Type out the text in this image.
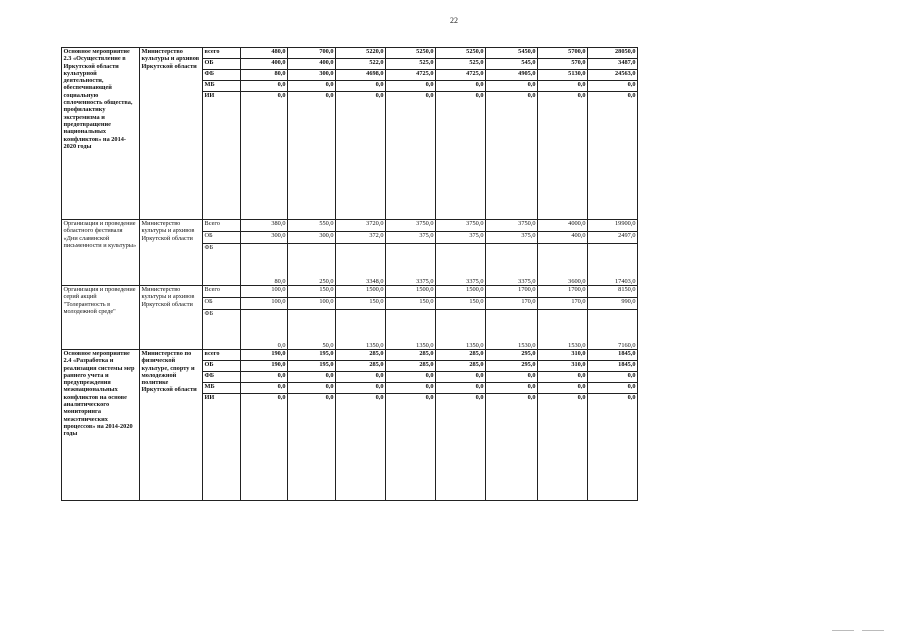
22
Основное мероприятие 2.3 «Осуществление в Иркутской области культурной деятельности, обеспечивающей социальную сплоченность общества, профилактику экстремизма и предотвращение национальных конфликтов» на 2014-2020 годы	Министерство культуры и архивов Иркутской области	всего	480,0	700,0	5220,0	5250,0	5250,0	5450,0	5700,0	28050,0
		ОБ	400,0	400,0	522,0	525,0	525,0	545,0	570,0	3487,0
		ФБ	80,0	300,0	4698,0	4725,0	4725,0	4905,0	5130,0	24563,0
		МБ	0,0	0,0	0,0	0,0	0,0	0,0	0,0	0,0
		ИИ	0,0	0,0	0,0	0,0	0,0	0,0	0,0	0,0
Организация и проведение областного фестиваля «Дни славянской письменности и культуры»	Министерство культуры и архивов Иркутской области	Всего	380,0	550,0	3720,0	3750,0	3750,0	3750,0	4000,0	19900,0
		ОБ	300,0	300,0	372,0	375,0	375,0	375,0	400,0	2497,0
		ФБ	80,0	250,0	3348,0	3375,0	3375,0	3375,0	3600,0	17403,0
Организация и проведение серий акций "Толерантность в молодежной среде"	Министерство культуры и архивов Иркутской области	Всего	100,0	150,0	1500,0	1500,0	1500,0	1700,0	1700,0	8150,0
		ОБ	100,0	100,0	150,0	150,0	150,0	170,0	170,0	990,0
		ФБ	0,0	50,0	1350,0	1350,0	1350,0	1530,0	1530,0	7160,0
Основное мероприятие 2.4 «Разработка и реализация системы мер раннего учета и предупреждения межнациональных конфликтов на основе аналитического мониторинга межэтнических процессов» на 2014-2020 годы	Министерство по физической культуре, спорту и молодежной политике Иркутской области	всего	190,0	195,0	285,0	285,0	285,0	295,0	310,0	1845,0
		ОБ	190,0	195,0	285,0	285,0	285,0	295,0	310,0	1845,0
		ФБ	0,0	0,0	0,0	0,0	0,0	0,0	0,0	0,0
		МБ	0,0	0,0	0,0	0,0	0,0	0,0	0,0	0,0
		ИИ	0,0	0,0	0,0	0,0	0,0	0,0	0,0	0,0
